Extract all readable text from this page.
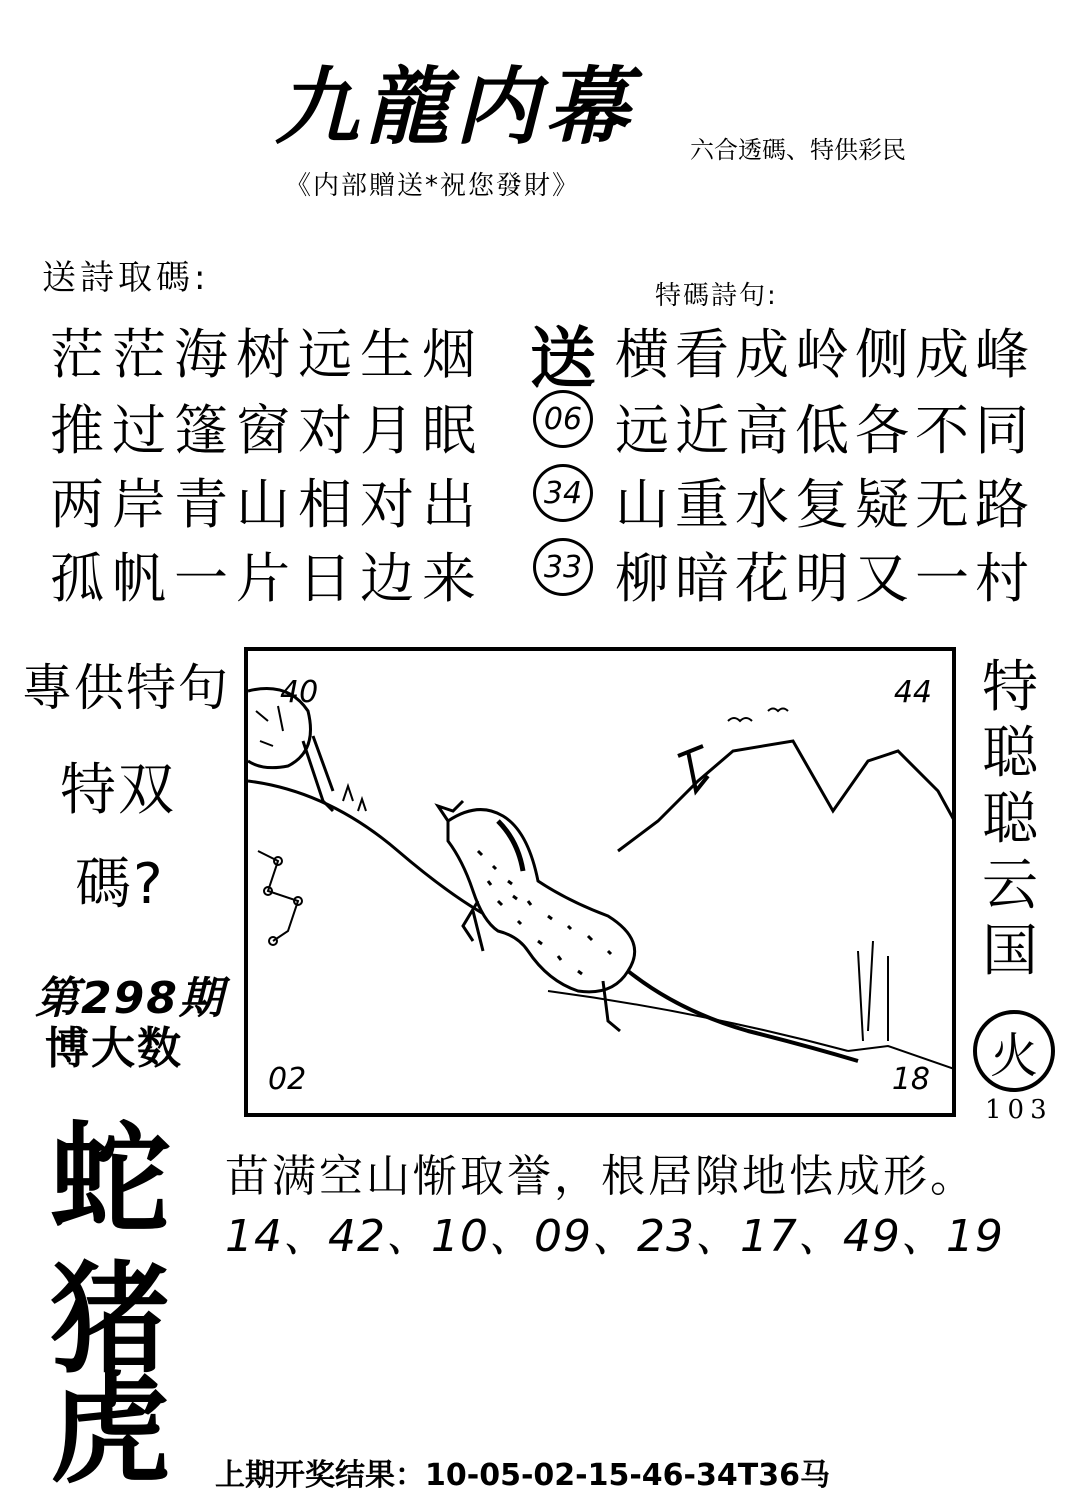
九龍内幕 六合透碼、特供彩民
《内部贈送*祝您發財》
送詩取碼:	特碼詩句:
茫茫海树远生烟
推过篷窗对月眠
两岸青山相对出
孤帆一片日边来
送 横看成岭侧成峰
06 远近高低各不同
34 山重水复疑无路
33 柳暗花明又一村
專供特句
特双
碼?
第298期
博大数
蛇
猪
虎
40	44
02	18
特
聪
聪
云
国
火
103
苗满空山惭取誉，根居隙地怯成形。
14、42、10、09、23、17、49、19
上期开奖结果：10-05-02-15-46-34T36马
